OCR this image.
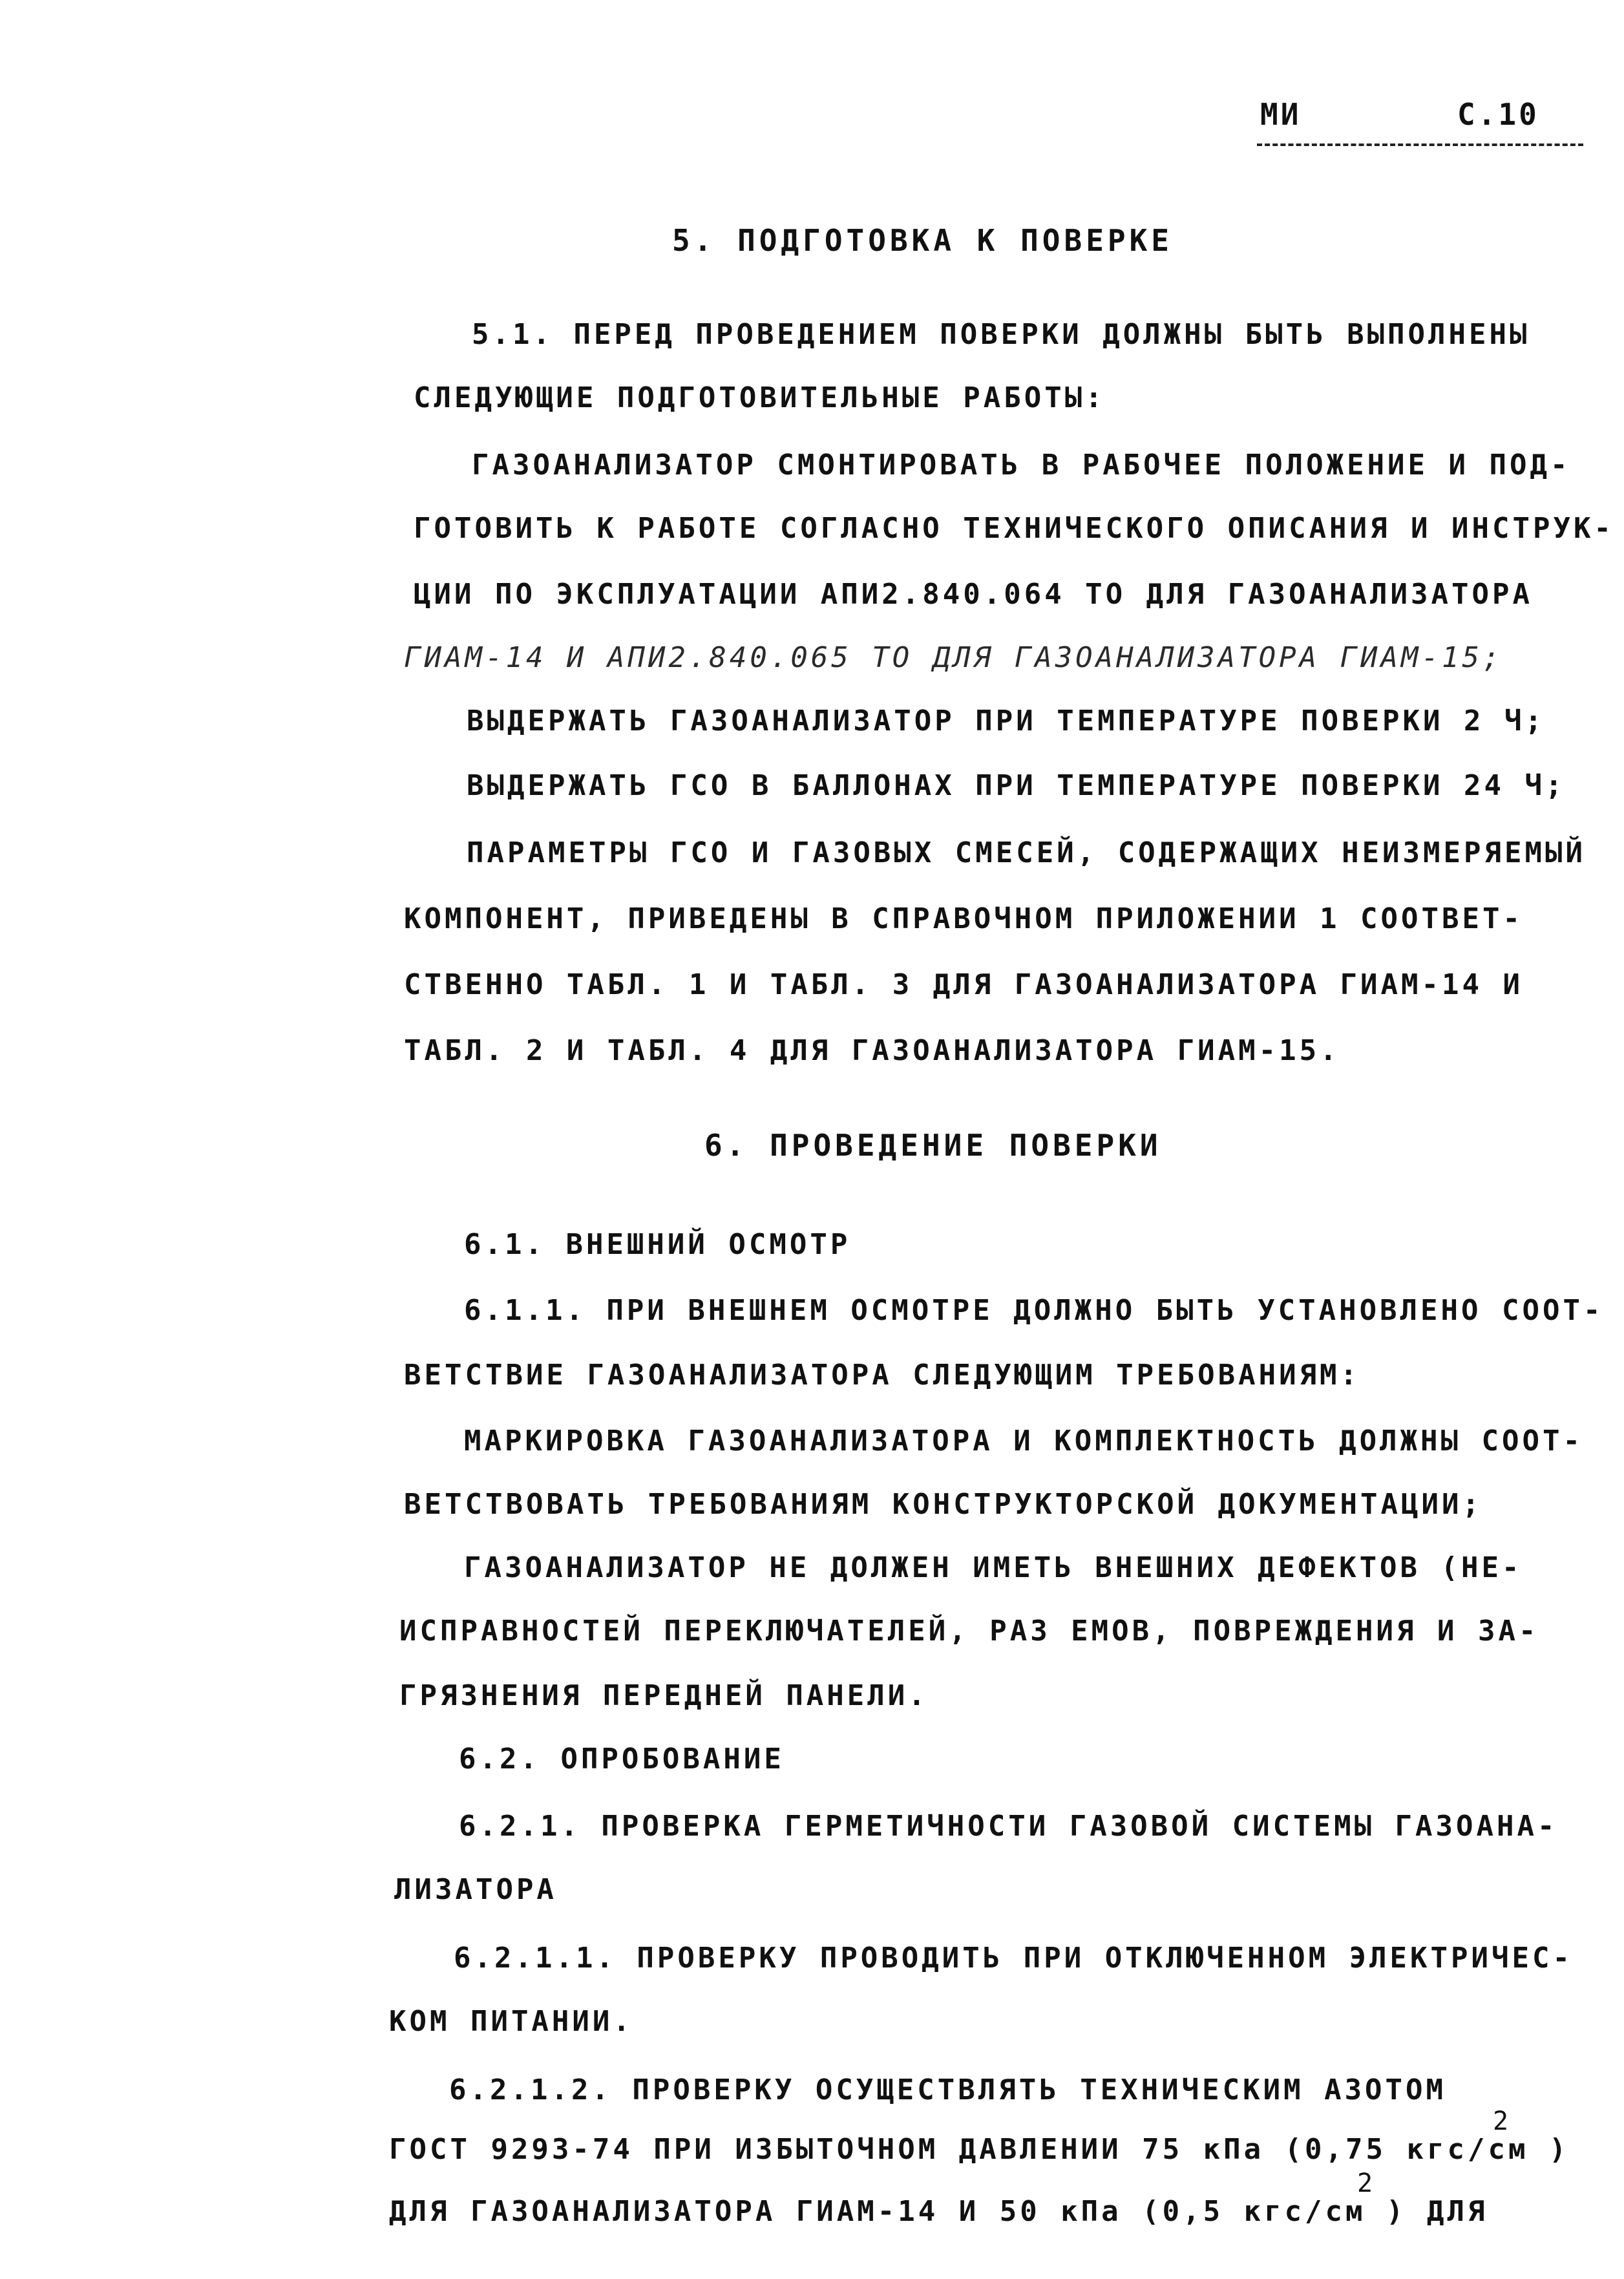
МИ	С.10
5. ПОДГОТОВКА К ПОВЕРКЕ
5.1. ПЕРЕД ПРОВЕДЕНИЕМ ПОВЕРКИ ДОЛЖНЫ БЫТЬ ВЫПОЛНЕНЫ
СЛЕДУЮЩИЕ ПОДГОТОВИТЕЛЬНЫЕ РАБОТЫ:
ГАЗОАНАЛИЗАТОР СМОНТИРОВАТЬ В РАБОЧЕЕ ПОЛОЖЕНИЕ И ПОД-
ГОТОВИТЬ К РАБОТЕ СОГЛАСНО ТЕХНИЧЕСКОГО ОПИСАНИЯ И ИНСТРУК-
ЦИИ ПО ЭКСПЛУАТАЦИИ АПИ2.840.064 ТО ДЛЯ ГАЗОАНАЛИЗАТОРА
ГИАМ-14 И АПИ2.840.065 ТО ДЛЯ ГАЗОАНАЛИЗАТОРА ГИАМ-15;
ВЫДЕРЖАТЬ ГАЗОАНАЛИЗАТОР ПРИ ТЕМПЕРАТУРЕ ПОВЕРКИ 2 Ч;
ВЫДЕРЖАТЬ ГСО В БАЛЛОНАХ ПРИ ТЕМПЕРАТУРЕ ПОВЕРКИ 24 Ч;
ПАРАМЕТРЫ ГСО И ГАЗОВЫХ СМЕСЕЙ, СОДЕРЖАЩИХ НЕИЗМЕРЯЕМЫЙ
КОМПОНЕНТ, ПРИВЕДЕНЫ В СПРАВОЧНОМ ПРИЛОЖЕНИИ 1 СООТВЕТ-
СТВЕННО ТАБЛ. 1 И ТАБЛ. 3 ДЛЯ ГАЗОАНАЛИЗАТОРА ГИАМ-14 И
ТАБЛ. 2 И ТАБЛ. 4 ДЛЯ ГАЗОАНАЛИЗАТОРА ГИАМ-15.
6. ПРОВЕДЕНИЕ ПОВЕРКИ
6.1. ВНЕШНИЙ ОСМОТР
6.1.1. ПРИ ВНЕШНЕМ ОСМОТРЕ ДОЛЖНО БЫТЬ УСТАНОВЛЕНО СООТ-
ВЕТСТВИЕ ГАЗОАНАЛИЗАТОРА СЛЕДУЮЩИМ ТРЕБОВАНИЯМ:
МАРКИРОВКА ГАЗОАНАЛИЗАТОРА И КОМПЛЕКТНОСТЬ ДОЛЖНЫ СООТ-
ВЕТСТВОВАТЬ ТРЕБОВАНИЯМ КОНСТРУКТОРСКОЙ ДОКУМЕНТАЦИИ;
ГАЗОАНАЛИЗАТОР НЕ ДОЛЖЕН ИМЕТЬ ВНЕШНИХ ДЕФЕКТОВ (НЕ-
ИСПРАВНОСТЕЙ ПЕРЕКЛЮЧАТЕЛЕЙ, РАЗ ЕМОВ, ПОВРЕЖДЕНИЯ И ЗА-
ГРЯЗНЕНИЯ ПЕРЕДНЕЙ ПАНЕЛИ.
6.2. ОПРОБОВАНИЕ
6.2.1. ПРОВЕРКА ГЕРМЕТИЧНОСТИ ГАЗОВОЙ СИСТЕМЫ ГАЗОАНА-
ЛИЗАТОРА
6.2.1.1. ПРОВЕРКУ ПРОВОДИТЬ ПРИ ОТКЛЮЧЕННОМ ЭЛЕКТРИЧЕС-
КОМ ПИТАНИИ.
6.2.1.2. ПРОВЕРКУ ОСУЩЕСТВЛЯТЬ ТЕХНИЧЕСКИМ АЗОТОМ
2
ГОСТ 9293-74 ПРИ ИЗБЫТОЧНОМ ДАВЛЕНИИ 75 кПа (0,75 кгс/см )
2
ДЛЯ ГАЗОАНАЛИЗАТОРА ГИАМ-14 И 50 кПа (0,5 кгс/см ) ДЛЯ
